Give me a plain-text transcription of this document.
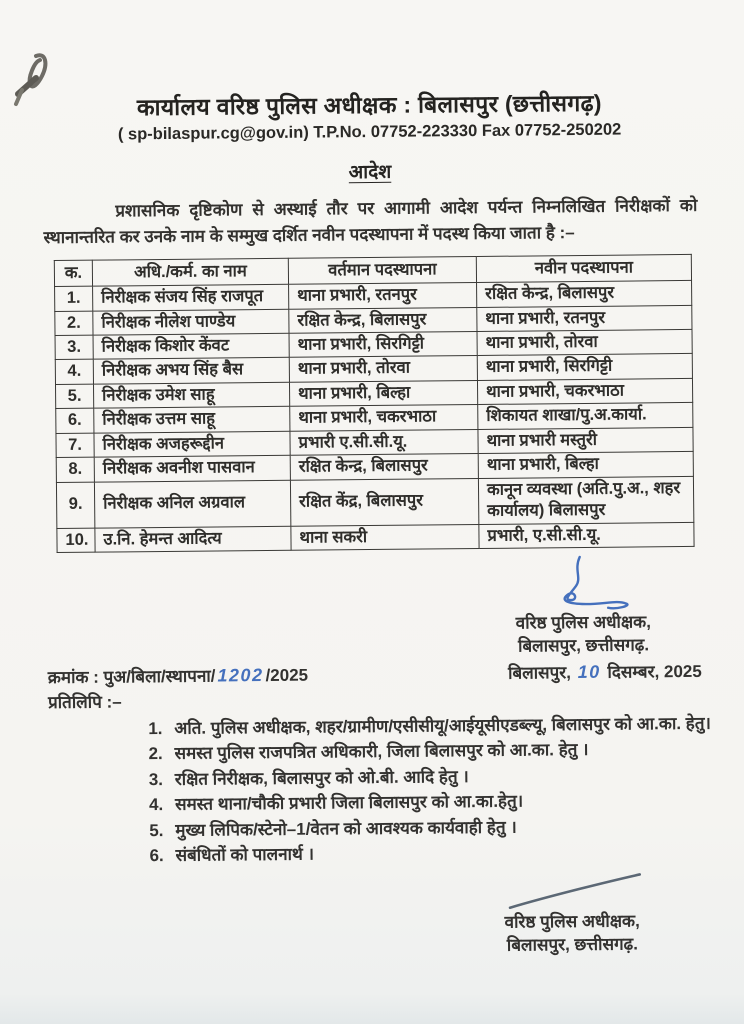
कार्यालय वरिष्ठ पुलिस अधीक्षक : बिलासपुर (छत्तीसगढ़)
( sp-bilaspur.cg@gov.in) T.P.No. 07752-223330 Fax 07752-250202
आदेश

प्रशासनिक दृष्टिकोण से अस्थाई तौर पर आगामी आदेश पर्यन्त निम्नलिखित निरीक्षकों को स्थानान्तरित कर उनके नाम के सम्मुख दर्शित नवीन पदस्थापना में पदस्थ किया जाता है :–

क.	अधि./कर्म. का नाम	वर्तमान पदस्थापना	नवीन पदस्थापना
1.	निरीक्षक संजय सिंह राजपूत	थाना प्रभारी, रतनपुर	रक्षित केन्द्र, बिलासपुर
2.	निरीक्षक नीलेश पाण्डेय	रक्षित केन्द्र, बिलासपुर	थाना प्रभारी, रतनपुर
3.	निरीक्षक किशोर केंवट	थाना प्रभारी, सिरगिट्टी	थाना प्रभारी, तोरवा
4.	निरीक्षक अभय सिंह बैस	थाना प्रभारी, तोरवा	थाना प्रभारी, सिरगिट्टी
5.	निरीक्षक उमेश साहू	थाना प्रभारी, बिल्हा	थाना प्रभारी, चकरभाठा
6.	निरीक्षक उत्तम साहू	थाना प्रभारी, चकरभाठा	शिकायत शाखा/पु.अ.कार्या.
7.	निरीक्षक अजहरूद्दीन	प्रभारी ए.सी.सी.यू.	थाना प्रभारी मस्तुरी
8.	निरीक्षक अवनीश पासवान	रक्षित केन्द्र, बिलासपुर	थाना प्रभारी, बिल्हा
9.	निरीक्षक अनिल अग्रवाल	रक्षित केंद्र, बिलासपुर	कानून व्यवस्था (अति.पु.अ., शहर कार्यालय) बिलासपुर
10.	उ.नि. हेमन्त आदित्य	थाना सकरी	प्रभारी, ए.सी.सी.यू.
वरिष्ठ पुलिस अधीक्षक,
बिलासपुर, छत्तीसगढ़.
क्रमांक : पुअ/बिला/स्थापना/ 1202 /2025	बिलासपुर, 10 दिसम्बर, 2025
प्रतिलिपि :–
1. अति. पुलिस अधीक्षक, शहर/ग्रामीण/एसीसीयू/आईयूसीएडब्ल्यू, बिलासपुर को आ.का. हेतु।
2. समस्त पुलिस राजपत्रित अधिकारी, जिला बिलासपुर को आ.का. हेतु ।
3. रक्षित निरीक्षक, बिलासपुर को ओ.बी. आदि हेतु ।
4. समस्त थाना/चौकी प्रभारी जिला बिलासपुर को आ.का.हेतु।
5. मुख्य लिपिक/स्टेनो–1/वेतन को आवश्यक कार्यवाही हेतु ।
6. संबंधितों को पालनार्थ ।
वरिष्ठ पुलिस अधीक्षक,
बिलासपुर, छत्तीसगढ़.
